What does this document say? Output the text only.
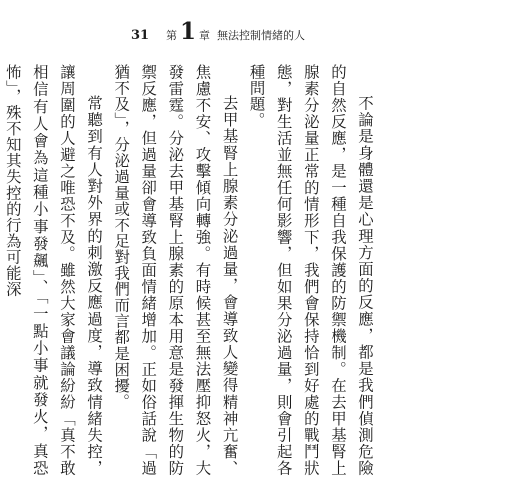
31 第 1 章 無法控制情緒的人

不論是身體還是心理方面的反應，都是我們偵測危險的自然反應，是一種自我保護的防禦機制。在去甲基腎上腺素分泌量正常的情形下，我們會保持恰到好處的戰鬥狀態，對生活並無任何影響，但如果分泌過量，則會引起各種問題。

去甲基腎上腺素分泌過量，會導致人變得精神亢奮、焦慮不安、攻擊傾向轉強。有時候甚至無法壓抑怒火，大發雷霆。分泌去甲基腎上腺素的原本用意是發揮生物的防禦反應，但過量卻會導致負面情緒增加。正如俗話說「過猶不及」，分泌過量或不足對我們而言都是困擾。

常聽到有人對外界的刺激反應過度，導致情緒失控，讓周圍的人避之唯恐不及。雖然大家會議論紛紛「真不敢相信有人會為這種小事發飆」、「一點小事就發火，真恐怖」，殊不知其失控的行為可能深
